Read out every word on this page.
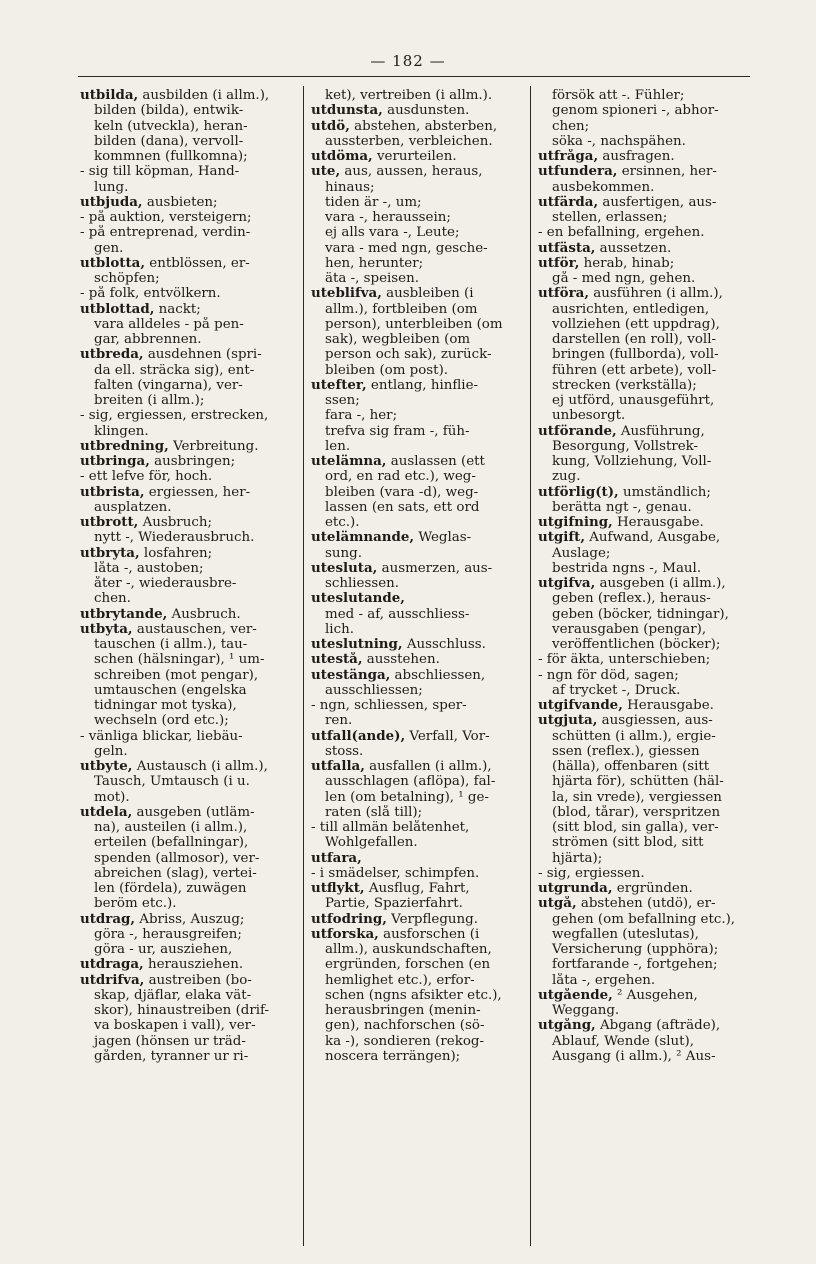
— 182 —
utbilda, ausbilden (i allm.),
bilden (bilda), entwik-
keln (utveckla), heran-
bilden (dana), vervoll-
kommnen (fullkomna);
- sig till köpman, Hand-
lung.
utbjuda, ausbieten;
- på auktion, versteigern;
- på entreprenad, verdin-
gen.
utblotta, entblössen, er-
schöpfen;
- på folk, entvölkern.
utblottad, nackt;
vara alldeles - på pen-
gar, abbrennen.
utbreda, ausdehnen (spri-
da ell. sträcka sig), ent-
falten (vingarna), ver-
breiten (i allm.);
- sig, ergiessen, erstrecken,
klingen.
utbredning, Verbreitung.
utbringa, ausbringen;
- ett lefve för, hoch.
utbrista, ergiessen, her-
ausplatzen.
utbrott, Ausbruch;
nytt -, Wiederausbruch.
utbryta, losfahren;
låta -, austoben;
åter -, wiederausbre-
chen.
utbrytande, Ausbruch.
utbyta, austauschen, ver-
tauschen (i allm.), tau-
schen (hälsningar), ¹ um-
schreiben (mot pengar),
umtauschen (engelska
tidningar mot tyska),
wechseln (ord etc.);
- vänliga blickar, liebäu-
geln.
utbyte, Austausch (i allm.),
Tausch, Umtausch (i u.
mot).
utdela, ausgeben (utläm-
na), austeilen (i allm.),
erteilen (befallningar),
spenden (allmosor), ver-
abreichen (slag), vertei-
len (fördela), zuwägen
beröm etc.).
utdrag, Abriss, Auszug;
göra -, herausgreifen;
göra - ur, ausziehen,
utdraga, herausziehen.
utdrifva, austreiben (bo-
skap, djäflar, elaka vät-
skor), hinaustreiben (drif-
va boskapen i vall), ver-
jagen (hönsen ur träd-
gården, tyranner ur ri-
ket), vertreiben (i allm.).
utdunsta, ausdunsten.
utdö, abstehen, absterben,
aussterben, verbleichen.
utdöma, verurteilen.
ute, aus, aussen, heraus,
hinaus;
tiden är -, um;
vara -, heraussein;
ej alls vara -, Leute;
vara - med ngn, gesche-
hen, herunter;
äta -, speisen.
uteblifva, ausbleiben (i
allm.), fortbleiben (om
person), unterbleiben (om
sak), wegbleiben (om
person och sak), zurück-
bleiben (om post).
utefter, entlang, hinflie-
ssen;
fara -, her;
trefva sig fram -, füh-
len.
utelämna, auslassen (ett
ord, en rad etc.), weg-
bleiben (vara -d), weg-
lassen (en sats, ett ord
etc.).
utelämnande, Weglas-
sung.
utesluta, ausmerzen, aus-
schliessen.
uteslutande,
med - af, ausschliess-
lich.
uteslutning, Ausschluss.
utestå, ausstehen.
utestänga, abschliessen,
ausschliessen;
- ngn, schliessen, sper-
ren.
utfall(ande), Verfall, Vor-
stoss.
utfalla, ausfallen (i allm.),
ausschlagen (aflöpa), fal-
len (om betalning), ¹ ge-
raten (slå till);
- till allmän belåtenhet,
Wohlgefallen.
utfara,
- i smädelser, schimpfen.
utflykt, Ausflug, Fahrt,
Partie, Spazierfahrt.
utfodring, Verpflegung.
utforska, ausforschen (i
allm.), auskundschaften,
ergründen, forschen (en
hemlighet etc.), erfor-
schen (ngns afsikter etc.),
herausbringen (menin-
gen), nachforschen (sö-
ka -), sondieren (rekog-
noscera terrängen);
försök att -. Fühler;
genom spioneri -, abhor-
chen;
söka -, nachspähen.
utfråga, ausfragen.
utfundera, ersinnen, her-
ausbekommen.
utfärda, ausfertigen, aus-
stellen, erlassen;
- en befallning, ergehen.
utfästa, aussetzen.
utför, herab, hinab;
gå - med ngn, gehen.
utföra, ausführen (i allm.),
ausrichten, entledigen,
vollziehen (ett uppdrag),
darstellen (en roll), voll-
bringen (fullborda), voll-
führen (ett arbete), voll-
strecken (verkställa);
ej utförd, unausgeführt,
unbesorgt.
utförande, Ausführung,
Besorgung, Vollstrek-
kung, Vollziehung, Voll-
zug.
utförlig(t), umständlich;
berätta ngt -, genau.
utgifning, Herausgabe.
utgift, Aufwand, Ausgabe,
Auslage;
bestrida ngns -, Maul.
utgifva, ausgeben (i allm.),
geben (reflex.), heraus-
geben (böcker, tidningar),
verausgaben (pengar),
veröffentlichen (böcker);
- för äkta, unterschieben;
- ngn för död, sagen;
af trycket -, Druck.
utgifvande, Herausgabe.
utgjuta, ausgiessen, aus-
schütten (i allm.), ergie-
ssen (reflex.), giessen
(hälla), offenbaren (sitt
hjärta för), schütten (häl-
la, sin vrede), vergiessen
(blod, tårar), verspritzen
(sitt blod, sin galla), ver-
strömen (sitt blod, sitt
hjärta);
- sig, ergiessen.
utgrunda, ergründen.
utgå, abstehen (utdö), er-
gehen (om befallning etc.),
wegfallen (uteslutas),
Versicherung (upphöra);
fortfarande -, fortgehen;
låta -, ergehen.
utgående, ² Ausgehen,
Weggang.
utgång, Abgang (afträde),
Ablauf, Wende (slut),
Ausgang (i allm.), ² Aus-
